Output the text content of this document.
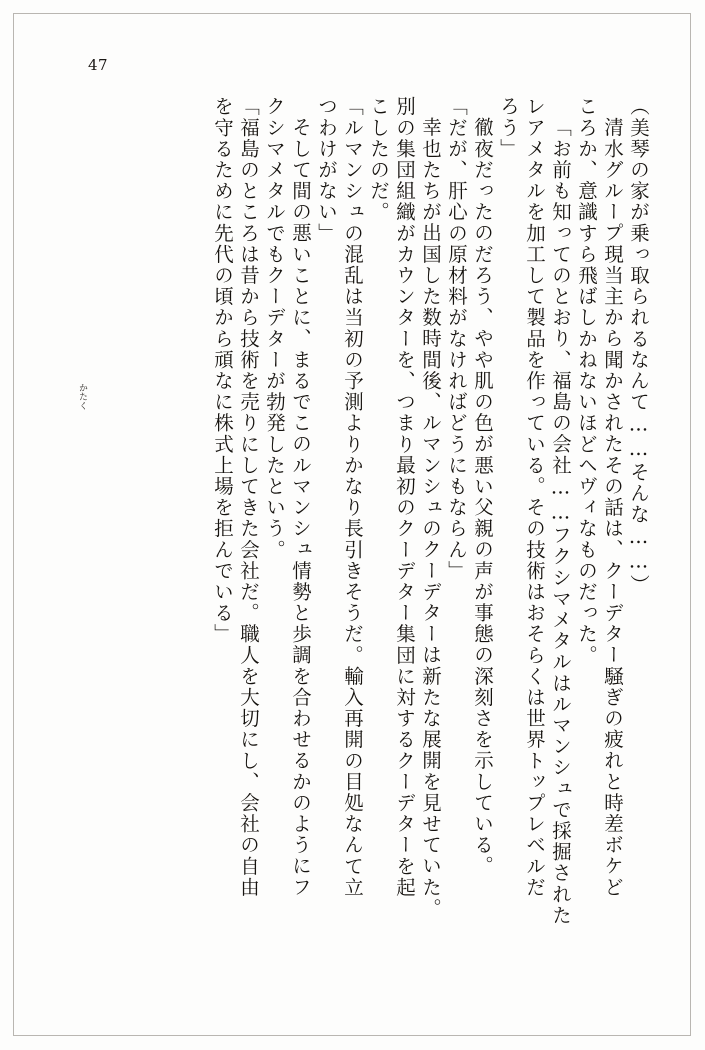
47
（美琴の家が乗っ取られるなんて……そんな……）
清水グループ現当主から聞かされたその話は、クーデター騒ぎの疲れと時差ボケど
ころか、意識すら飛ばしかねないほどヘヴィなものだった。
「お前も知ってのとおり、福島の会社……フクシマメタルはルマンシュで採掘された
レアメタルを加工して製品を作っている。その技術はおそらくは世界トップレベルだ
ろう」
徹夜だったのだろう、やや肌の色が悪い父親の声が事態の深刻さを示している。
「だが、肝心の原材料がなければどうにもならん」
幸也たちが出国した数時間後、ルマンシュのクーデターは新たな展開を見せていた。
別の集団組織がカウンターを、つまり最初のクーデター集団に対するクーデターを起
こしたのだ。
「ルマンシュの混乱は当初の予測よりかなり長引きそうだ。輸入再開の目処なんて立
つわけがない」
そして間の悪いことに、まるでこのルマンシュ情勢と歩調を合わせるかのようにフ
クシマメタルでもクーデターが勃発したという。
「福島のところは昔から技術を売りにしてきた会社だ。職人を大切にし、会社の自由
を守るために先代の頃から頑なに株式上場を拒んでいる」
かたく
